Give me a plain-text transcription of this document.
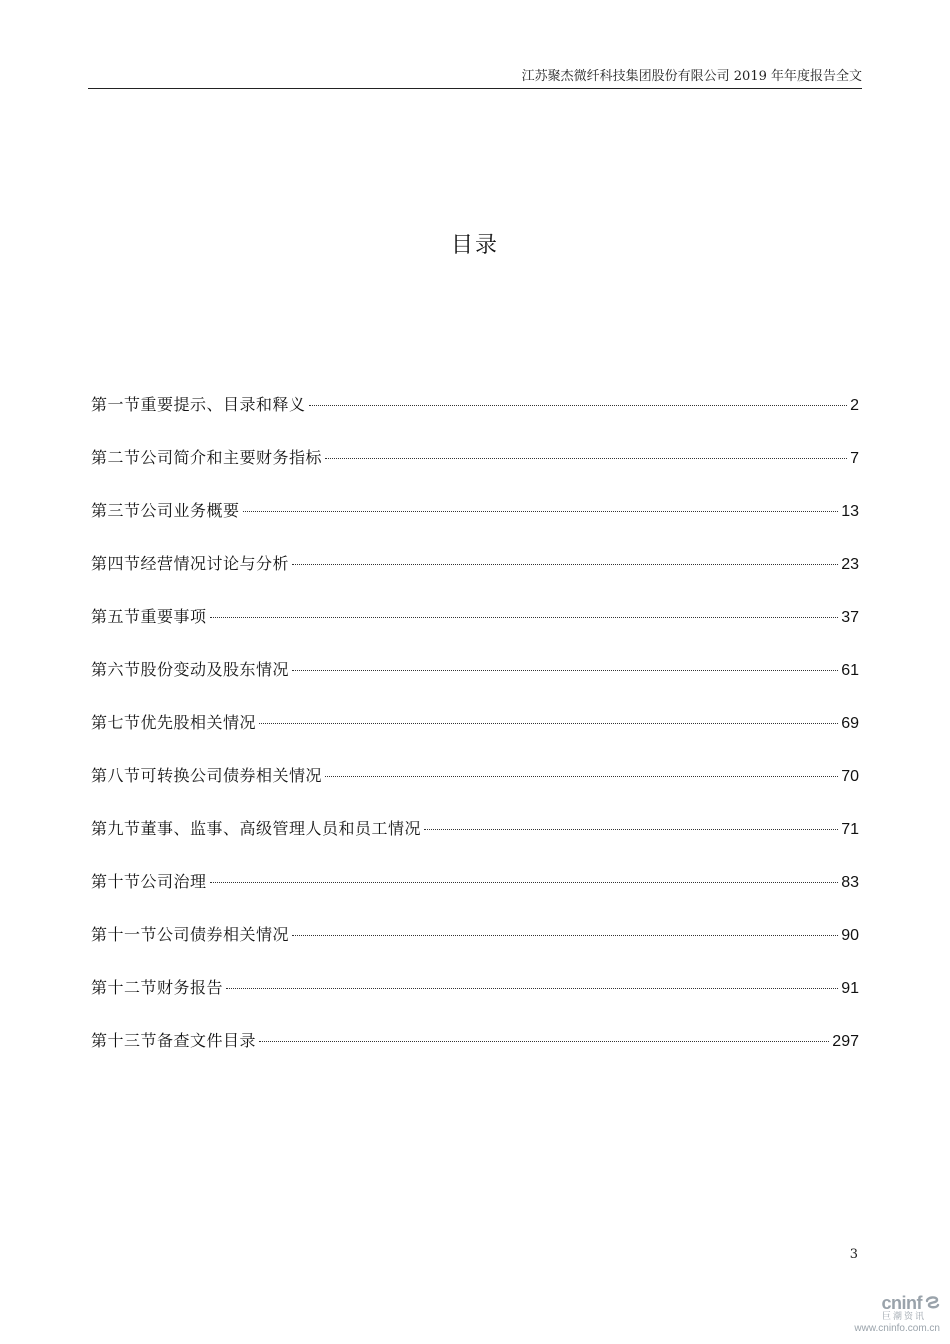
江苏聚杰微纤科技集团股份有限公司 2019 年年度报告全文
目录
第一节重要提示、目录和释义	2
第二节公司简介和主要财务指标	7
第三节公司业务概要	13
第四节经营情况讨论与分析	23
第五节重要事项	37
第六节股份变动及股东情况	61
第七节优先股相关情况	69
第八节可转换公司债券相关情况	70
第九节董事、监事、高级管理人员和员工情况	71
第十节公司治理	83
第十一节公司债券相关情况	90
第十二节财务报告	91
第十三节备查文件目录	297
3
cninf
巨潮资讯
www.cninfo.com.cn
